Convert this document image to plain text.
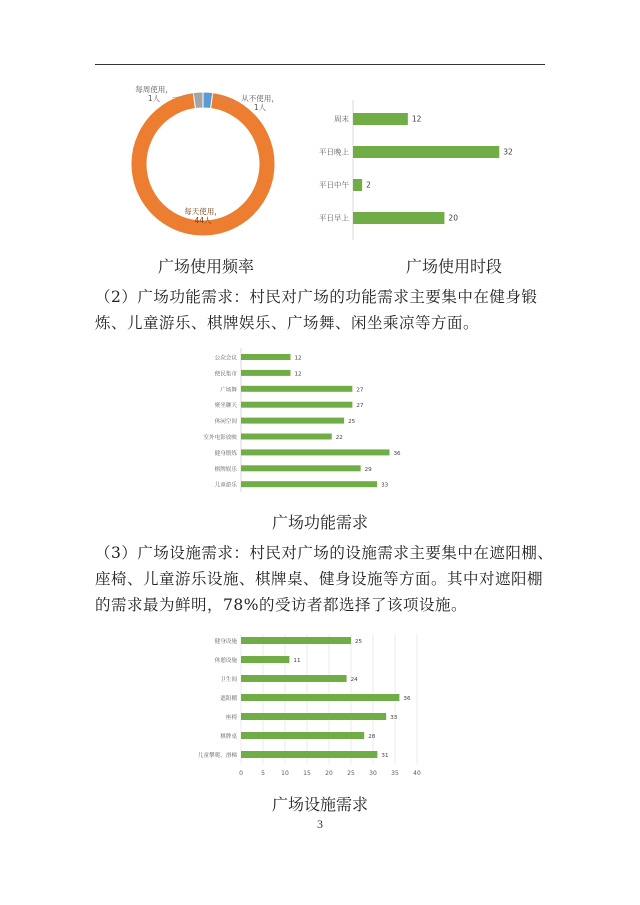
每周使用，
1人	从不使用，
1人
每天使用，
44人
周末	12
平日晚上	32
平日中午 2
平日早上	20
广场使用频率	广场使用时段
（2）广场功能需求：村民对广场的功能需求主要集中在健身锻炼、儿童游乐、棋牌娱乐、广场舞、闲坐乘凉等方面。
公众会议	12
便民集市	12
广场舞	27
聚坐聊天	27
休闲空间	25
室外电影放映	22
健身锻炼	36
棋牌娱乐	29
儿童游乐	33
广场功能需求
（3）广场设施需求：村民对广场的设施需求主要集中在遮阳棚、座椅、儿童游乐设施、棋牌桌、健身设施等方面。其中对遮阳棚的需求最为鲜明，78%的受访者都选择了该项设施。
健身设施	25
休憩设施	11
卫生间	24
遮阳棚	36
座椅	33
棋牌桌	28
儿童攀爬、滑梯	31
0	5	10 15 20 25 30 35 40
广场设施需求
3
